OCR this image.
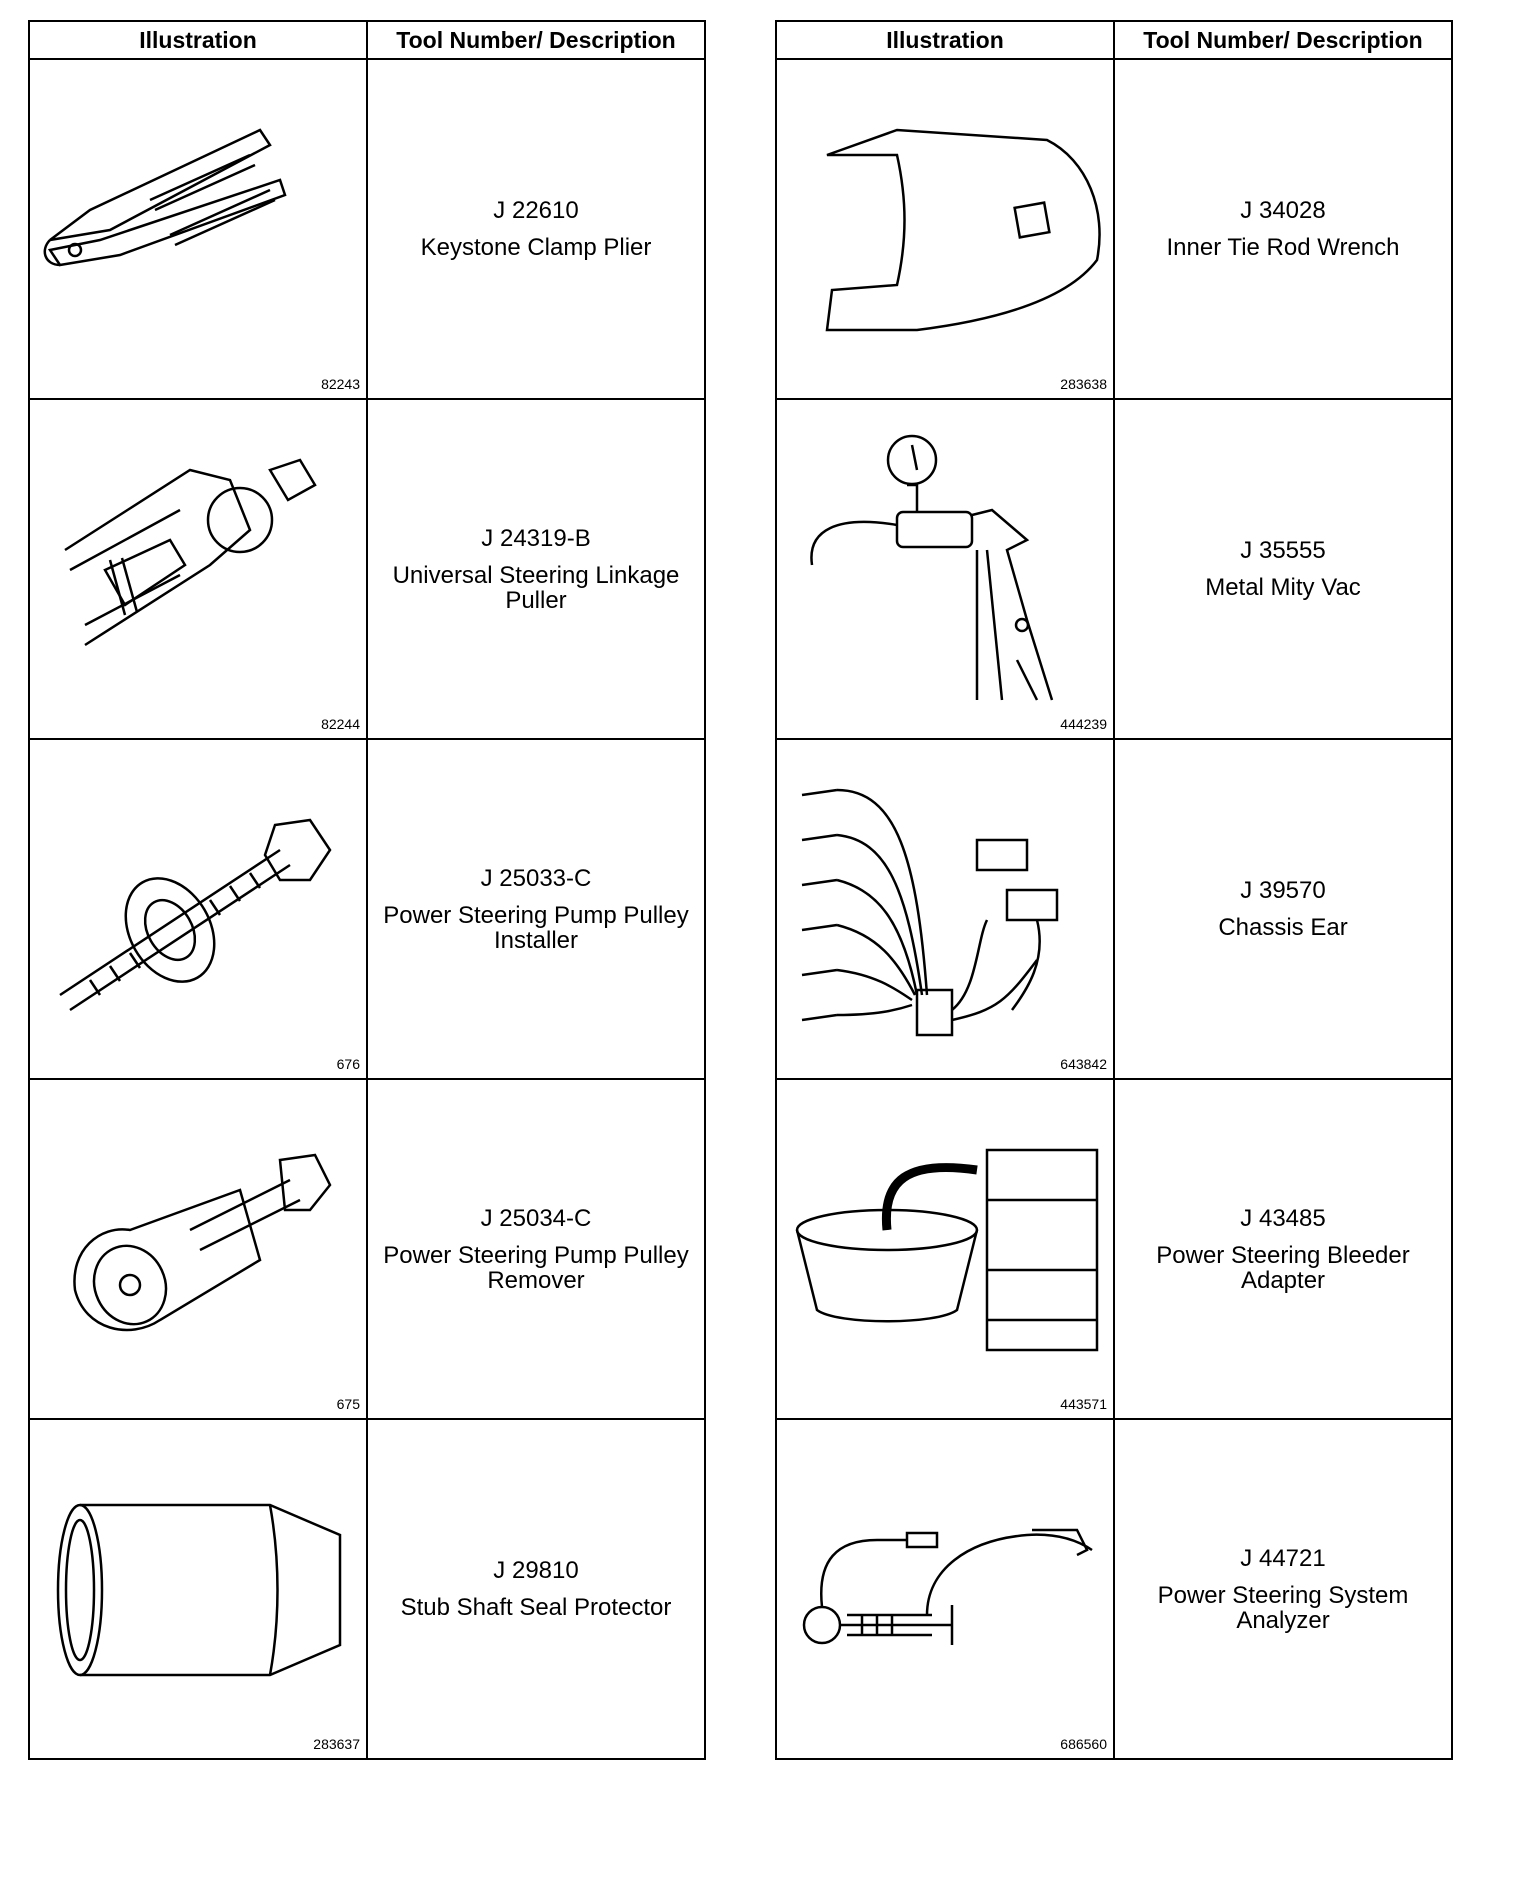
Illustration	Tool Number/ Description

82243	J 22610
Keystone Clamp Plier

82244	J 24319-B
Universal Steering Linkage Puller

676	J 25033-C
Power Steering Pump Pulley Installer

675	J 25034-C
Power Steering Pump Pulley Remover

283637	J 29810
Stub Shaft Seal Protector
Illustration	Tool Number/ Description

283638	J 34028
Inner Tie Rod Wrench

444239	J 35555
Metal Mity Vac

643842	J 39570
Chassis Ear

443571	J 43485
Power Steering Bleeder Adapter

686560	J 44721
Power Steering System Analyzer
